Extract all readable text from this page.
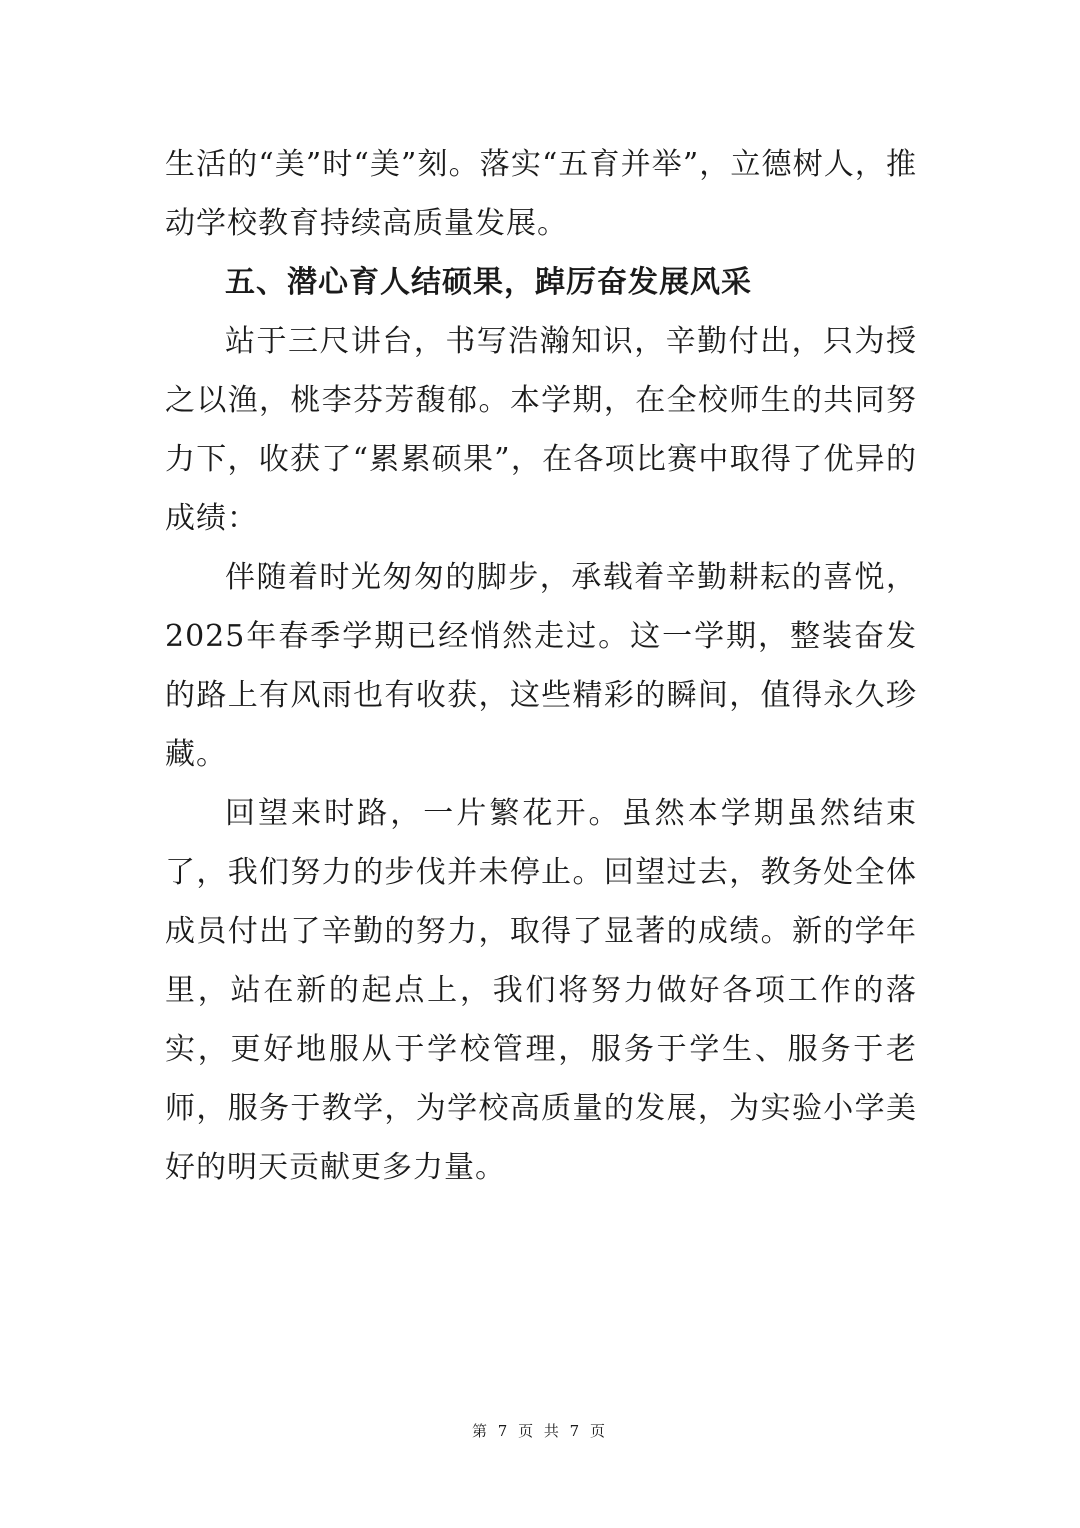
生活的“美”时“美”刻。落实“五育并举”，立德树人，推动学校教育持续高质量发展。

五、潜心育人结硕果，踔厉奋发展风采

站于三尺讲台，书写浩瀚知识，辛勤付出，只为授之以渔，桃李芬芳馥郁。本学期，在全校师生的共同努力下，收获了“累累硕果”，在各项比赛中取得了优异的成绩：

伴随着时光匆匆的脚步，承载着辛勤耕耘的喜悦，2025年春季学期已经悄然走过。这一学期，整装奋发的路上有风雨也有收获，这些精彩的瞬间，值得永久珍藏。

回望来时路，一片繁花开。虽然本学期虽然结束了，我们努力的步伐并未停止。回望过去，教务处全体成员付出了辛勤的努力，取得了显著的成绩。新的学年里，站在新的起点上，我们将努力做好各项工作的落实，更好地服从于学校管理，服务于学生、服务于老师，服务于教学，为学校高质量的发展，为实验小学美好的明天贡献更多力量。

第 7 页 共 7 页
